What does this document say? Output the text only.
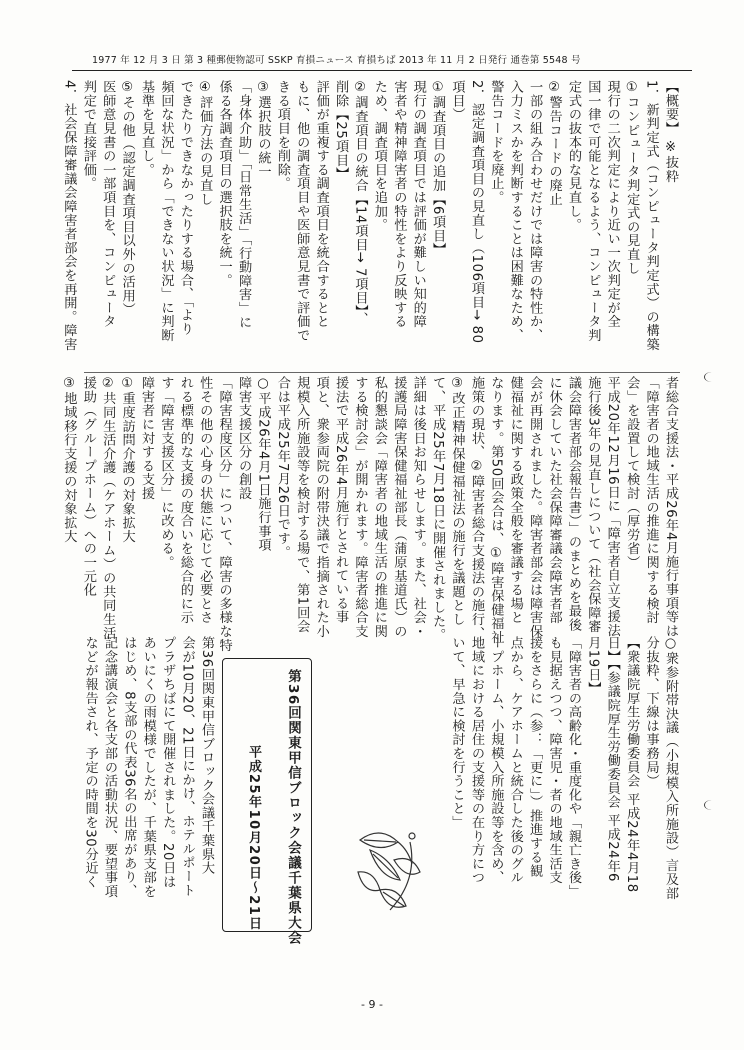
1977 年 12 月 3 日 第 3 種郵便物認可 SSKP 育損ニュース 育損ちば 2013 年 11 月 2 日発行 通巻第 5548 号
【概要】 ※抜粋
1．新判定式（コンピュータ判定式）の構築
①コンピュータ判定式の見直し
現行の二次判定により近い一次判定が全
国一律で可能となるよう、コンピュータ判
定式の抜本的な見直し。
②警告コードの廃止
一部の組み合わせだけでは障害の特性か、
入力ミスかを判断することは困難なため、
警告コードを廃止。
2．認定調査項目の見直し（106項目→ 80
項目）
①調査項目の追加【6項目】
現行の調査項目では評価が難しい知的障
害者や精神障害者の特性をより反映する
ため、調査項目を追加。
②調査項目の統合【14項目→ 7項目】、
削除【25項目】
評価が重複する調査項目を統合するとと
もに、他の調査項目や医師意見書で評価で
きる項目を削除。
③選択肢の統一
「身体介助」「日常生活」「行動障害」に
係る各調査項目の選択肢を統一。
④評価方法の見直し
できたりできなかったりする場合、「より
頻回な状況」から「できない状況」に判断
基準を見直し。
⑤その他（認定調査項目以外の活用）
医師意見書の一部項目を、コンピュータ
判定で直接評価。
4．社会保障審議会障害者部会を再開。障害
者総合支援法・平成26年4月施行事項等は
「障害者の地域生活の推進に関する検討
会」を設置して検討（厚労省）
平成20年12月16日に「障害者自立支援法
施行後3年の見直しについて（社会保障審
議会障害者部会報告書）」のまとめを最後
に休会していた社会保障審議会障害者部
会が再開されました。障害者部会は障害保
健福祉に関する政策全般を審議する場と
なります。第50回会合は、①障害保健福祉
施策の現状、②障害者総合支援法の施行、
③改正精神保健福祉法の施行を議題とし
て、平成25年7月18日に開催されました。
詳細は後日お知らせします。また、社会・
援護局障害保健福祉部長（蒲原基道氏）の
私的懇談会「障害者の地域生活の推進に関
する検討会」が開かれます。障害者総合支
援法で平成26年4月施行とされている事
項と、衆参両院の附帯決議で指摘された小
規模入所施設等を検討する場で、第1回会
合は平成25年7月26日です。
○平成26年4月1日施行事項
障害支援区分の創設
「障害程度区分」について、障害の多様な特
性その他の心身の状態に応じて必要とさ
れる標準的な支援の度合いを総合的に示
す「障害支援区分」に改める。
障害者に対する支援
①重度訪問介護の対象拡大
②共同生活介護（ケアホーム）の共同生活
援助（グループホーム）への一元化
③地域移行支援の対象拡大
○衆参附帯決議（小規模入所施設）言及部
分抜粋、下線は事務局）
【衆議院厚生労働委員会 平成24年4月18
日】【参議院厚生労働委員会 平成24年6
月19日】
「障害者の高齢化・重度化や「親亡き後」
も見据えつつ、障害児・者の地域生活支
援をさらに（参：「更に」）推進する観
点から、ケアホームと統合した後のグル
ープホーム、小規模入所施設等を含め、
地域における居住の支援等の在り方につ
いて、早急に検討を行うこと」
第36回関東甲信ブロック会議千葉県大会
平成25年10月20日～21日
第36回関東甲信ブロック会議千葉県大
会が10月20、21日にかけ、ホテルポート
プラザちばにて開催されました。20日は
あいにくの雨模様でしたが、千葉県支部を
はじめ、8支部の代表36名の出席があり、
記念講演会と各支部の活動状況、要望事項
などが報告され、予定の時間を30分近く
- 9 -
